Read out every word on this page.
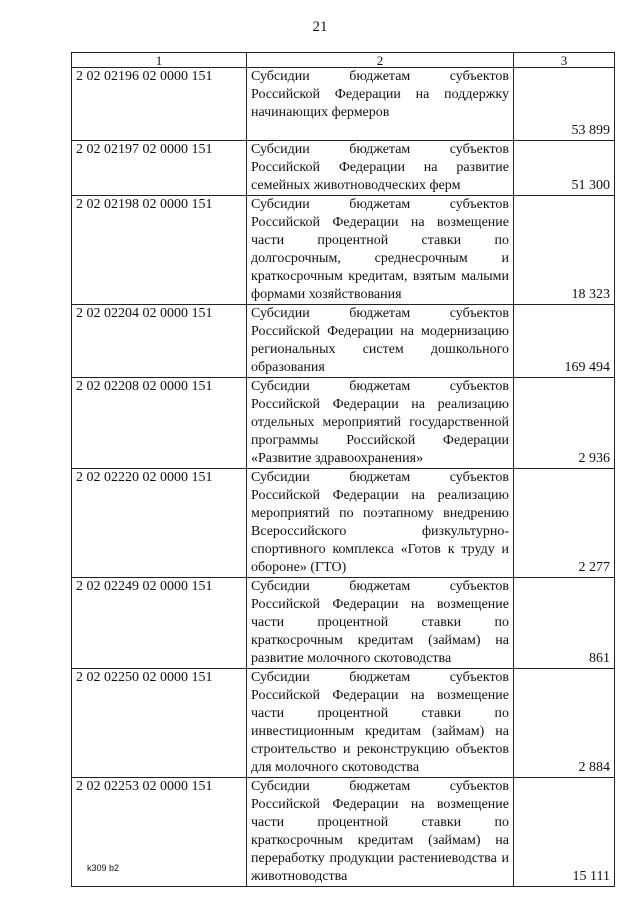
21
1	2	3
2 02 02196 02 0000 151	Субсидии бюджетам субъектов Российской Федерации на поддержку начинающих фермеров	53 899
2 02 02197 02 0000 151	Субсидии бюджетам субъектов Российской Федерации на развитие семейных животноводческих ферм	51 300
2 02 02198 02 0000 151	Субсидии бюджетам субъектов Российской Федерации на возмещение части процентной ставки по долгосрочным, среднесрочным и краткосрочным кредитам, взятым малыми формами хозяйствования	18 323
2 02 02204 02 0000 151	Субсидии бюджетам субъектов Российской Федерации на модернизацию региональных систем дошкольного образования	169 494
2 02 02208 02 0000 151	Субсидии бюджетам субъектов Российской Федерации на реализацию отдельных мероприятий государственной программы Российской Федерации «Развитие здравоохранения»	2 936
2 02 02220 02 0000 151	Субсидии бюджетам субъектов Российской Федерации на реализацию мероприятий по поэтапному внедрению Всероссийского физкультурно-спортивного комплекса «Готов к труду и обороне» (ГТО)	2 277
2 02 02249 02 0000 151	Субсидии бюджетам субъектов Российской Федерации на возмещение части процентной ставки по краткосрочным кредитам (займам) на развитие молочного скотоводства	861
2 02 02250 02 0000 151	Субсидии бюджетам субъектов Российской Федерации на возмещение части процентной ставки по инвестиционным кредитам (займам) на строительство и реконструкцию объектов для молочного скотоводства	2 884
2 02 02253 02 0000 151	Субсидии бюджетам субъектов Российской Федерации на возмещение части процентной ставки по краткосрочным кредитам (займам) на переработку продукции растениеводства и животноводства	15 111
k309 b2
